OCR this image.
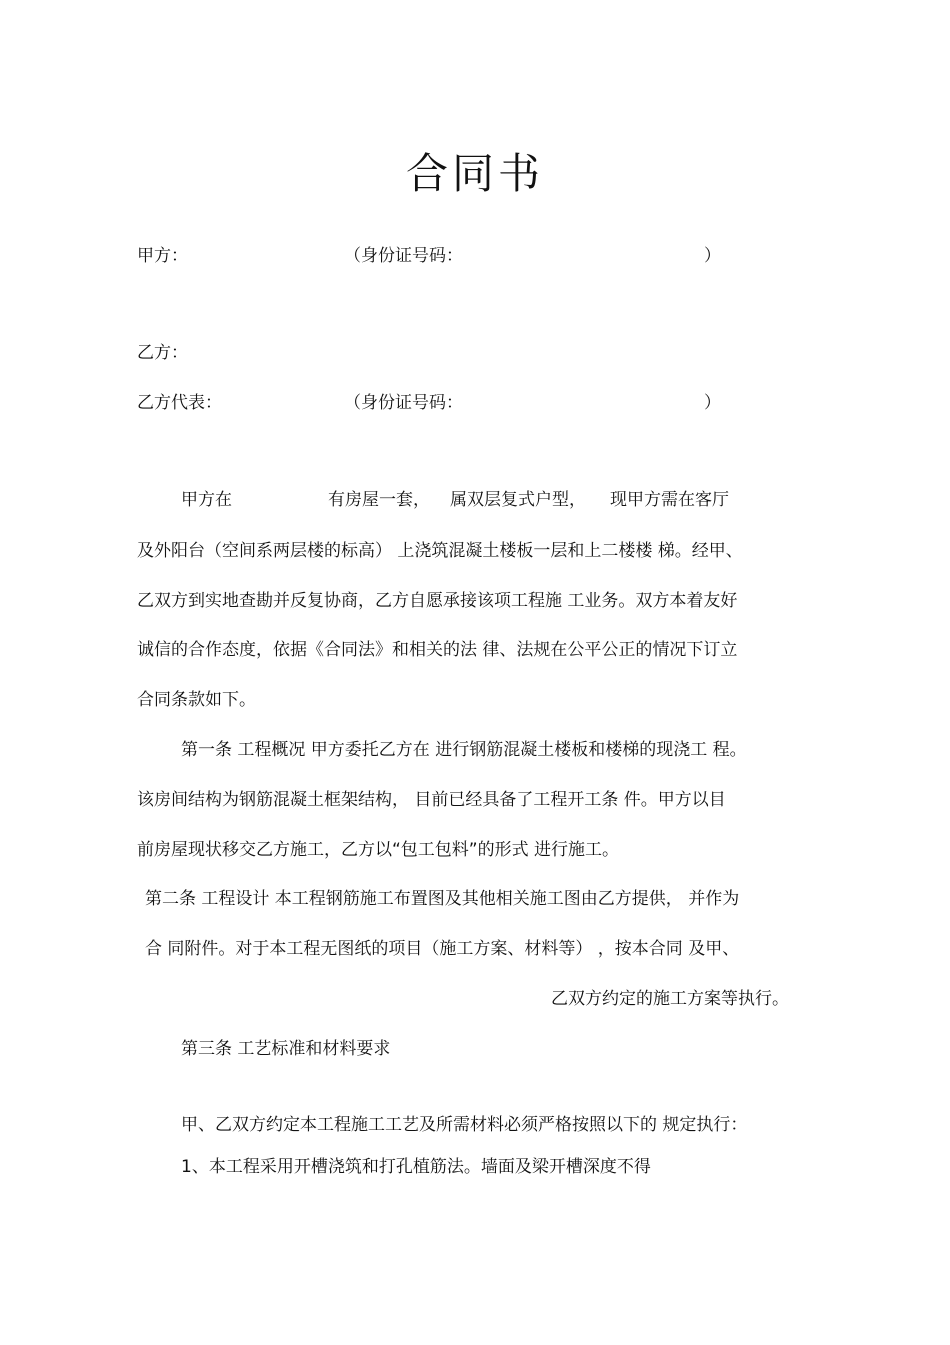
合同书
甲方：	（身份证号码：	）
乙方：
乙方代表：	（身份证号码：	）
甲方在	有房屋一套， 属双层复式户型， 现甲方需在客厅
及外阳台（空间系两层楼的标高） 上浇筑混凝土楼板一层和上二楼楼 梯。经甲、
乙双方到实地查勘并反复协商，乙方自愿承接该项工程施 工业务。双方本着友好
诚信的合作态度，依据《合同法》和相关的法 律、法规在公平公正的情况下订立
合同条款如下。
第一条 工程概况 甲方委托乙方在 进行钢筋混凝土楼板和楼梯的现浇工 程。
该房间结构为钢筋混凝土框架结构， 目前已经具备了工程开工条 件。甲方以目
前房屋现状移交乙方施工，乙方以“包工包料”的形式 进行施工。
第二条 工程设计 本工程钢筋施工布置图及其他相关施工图由乙方提供， 并作为
合 同附件。对于本工程无图纸的项目（施工方案、材料等） ，按本合同 及甲、
乙双方约定的施工方案等执行。
第三条 工艺标准和材料要求
甲、乙双方约定本工程施工工艺及所需材料必须严格按照以下的 规定执行：
1、本工程采用开槽浇筑和打孔植筋法。墙面及梁开槽深度不得
